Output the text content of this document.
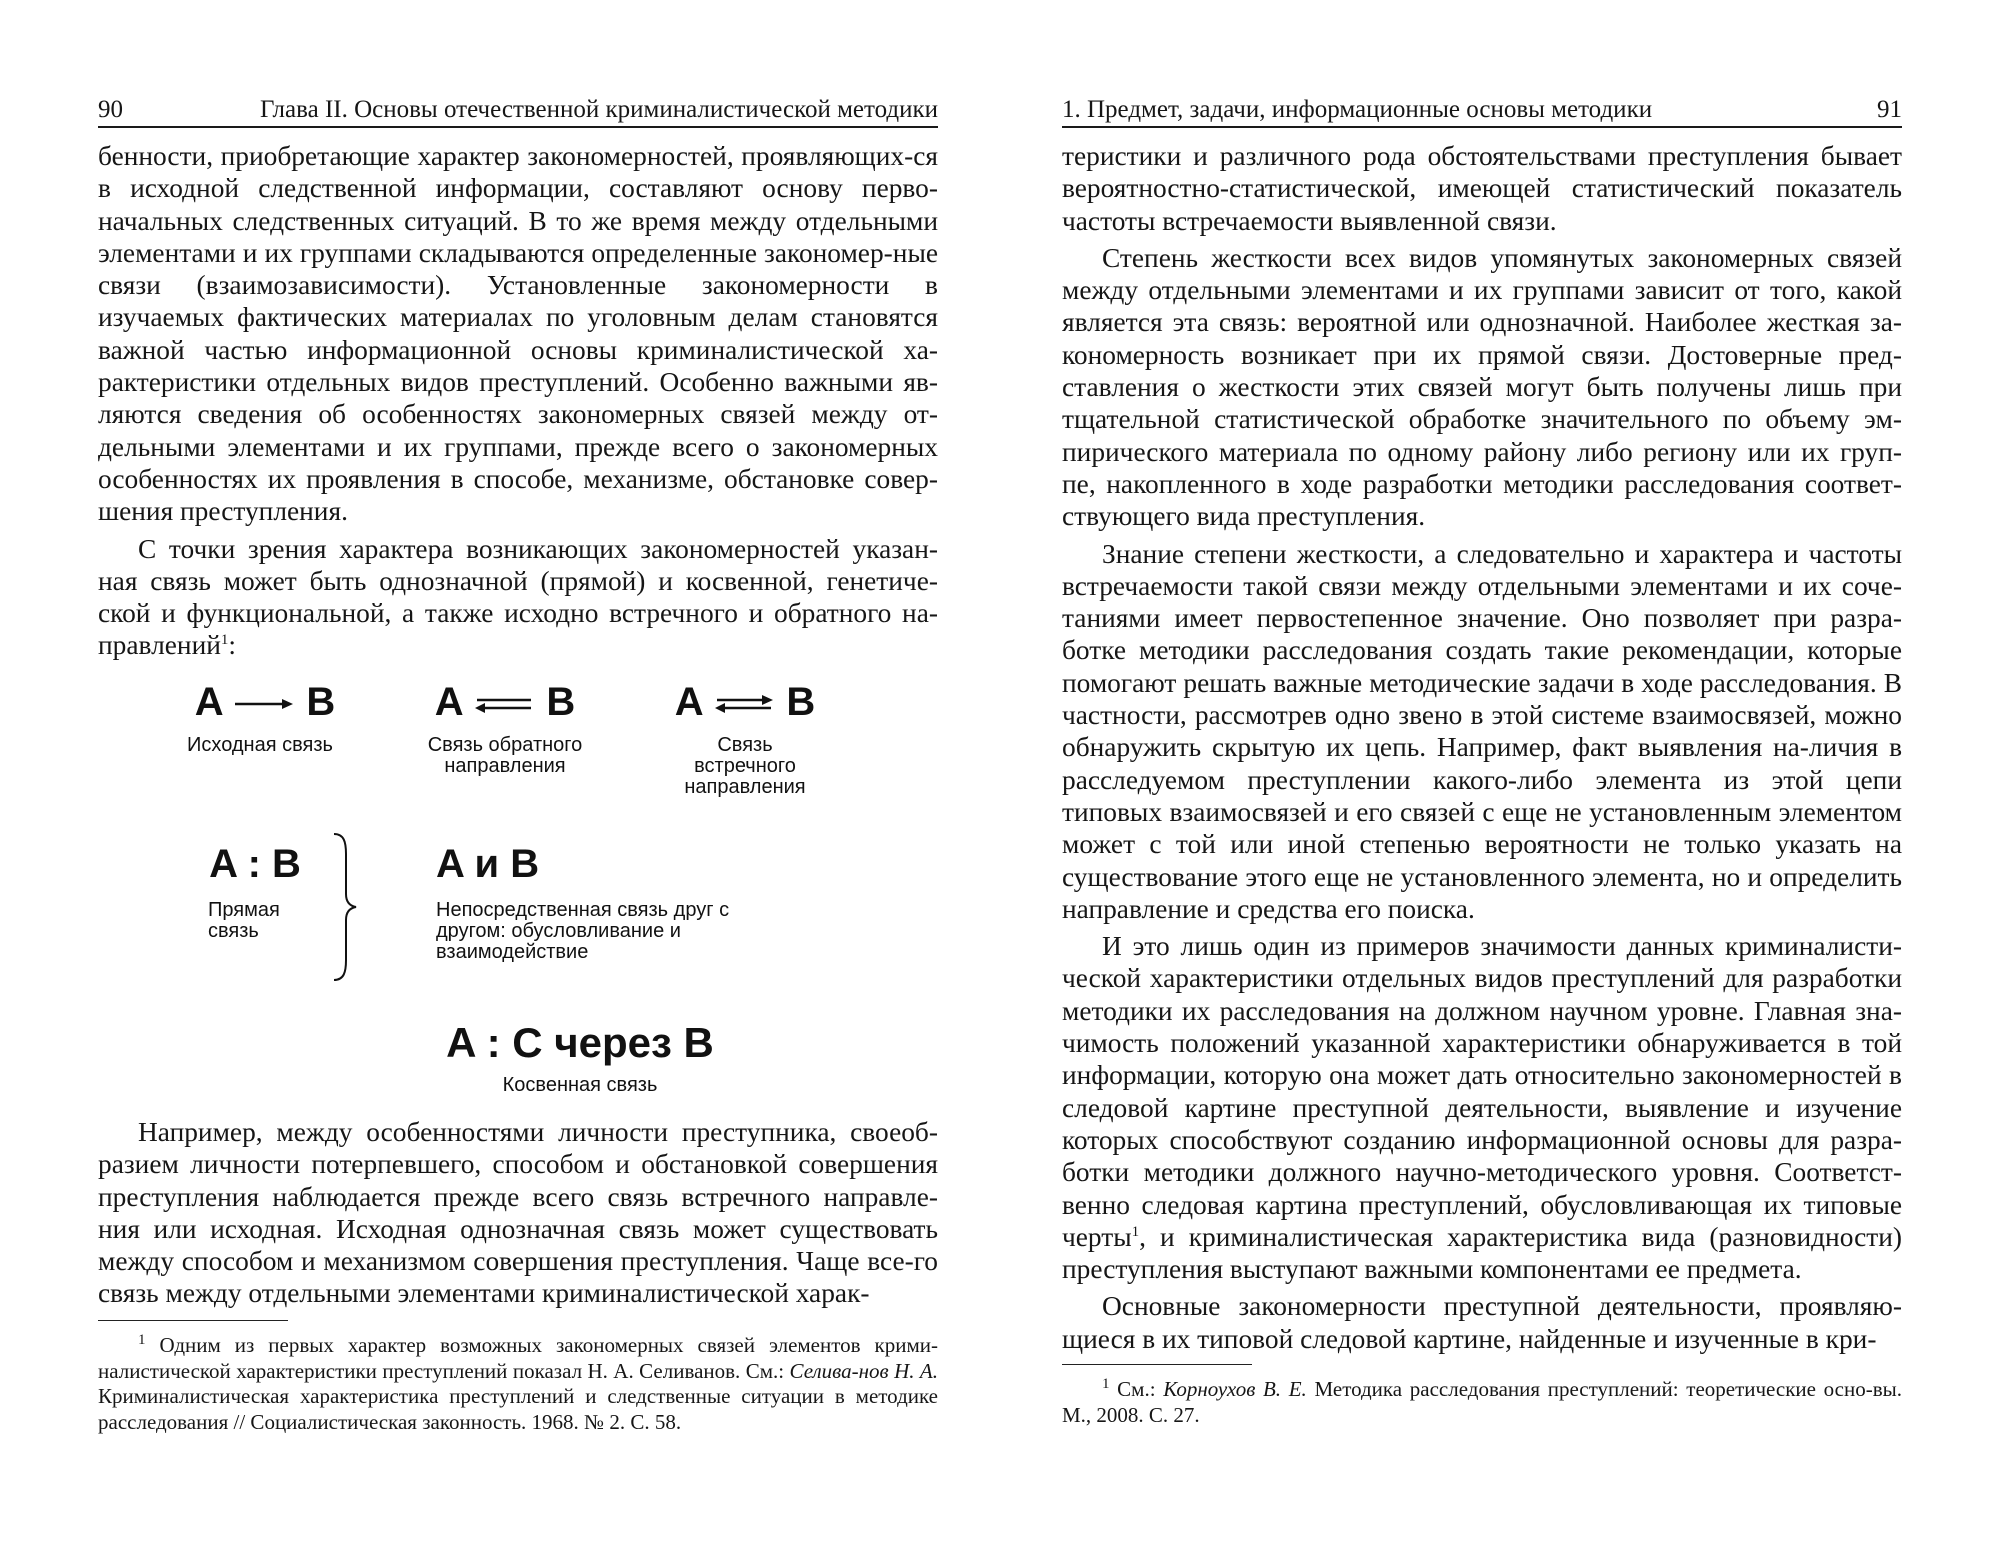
90	Глава II. Основы отечественной криминалистической методики

бенности, приобретающие характер закономерностей, проявляющих-ся в исходной следственной информации, составляют основу перво-начальных следственных ситуаций. В то же время между отдельными элементами и их группами складываются определенные закономер-ные связи (взаимозависимости). Установленные закономерности в изучаемых фактических материалах по уголовным делам становятся важной частью информационной основы криминалистической ха-рактеристики отдельных видов преступлений. Особенно важными яв-ляются сведения об особенностях закономерных связей между от-дельными элементами и их группами, прежде всего о закономерных особенностях их проявления в способе, механизме, обстановке совер-шения преступления.

С точки зрения характера возникающих закономерностей указан-ная связь может быть однозначной (прямой) и косвенной, генетиче-ской и функциональной, а также исходно встречного и обратного на-правлений$^1$:

A B
Исходная связь
A B
Связь обратного направления
A B
Связь встречного направления
A : B
Прямая связь
A и B
Непосредственная связь друг с другом: обусловливание и взаимодействие
A : C через B
Косвенная связь

Например, между особенностями личности преступника, своеоб-разием личности потерпевшего, способом и обстановкой совершения преступления наблюдается прежде всего связь встречного направле-ния или исходная. Исходная однозначная связь может существовать между способом и механизмом совершения преступления. Чаще все-го связь между отдельными элементами криминалистической харак-

$^1$ Одним из первых характер возможных закономерных связей элементов крими-налистической характеристики преступлений показал Н. А. Селиванов. См.: Селива-нов Н. А. Криминалистическая характеристика преступлений и следственные ситуации в методике расследования // Социалистическая законность. 1968. № 2. С. 58.

1. Предмет, задачи, информационные основы методики	91

теристики и различного рода обстоятельствами преступления бывает вероятностно-статистической, имеющей статистический показатель частоты встречаемости выявленной связи.

Степень жесткости всех видов упомянутых закономерных связей между отдельными элементами и их группами зависит от того, какой является эта связь: вероятной или однозначной. Наиболее жесткая за-кономерность возникает при их прямой связи. Достоверные пред-ставления о жесткости этих связей могут быть получены лишь при тщательной статистической обработке значительного по объему эм-пирического материала по одному району либо региону или их груп-пе, накопленного в ходе разработки методики расследования соответ-ствующего вида преступления.

Знание степени жесткости, а следовательно и характера и частоты встречаемости такой связи между отдельными элементами и их соче-таниями имеет первостепенное значение. Оно позволяет при разра-ботке методики расследования создать такие рекомендации, которые помогают решать важные методические задачи в ходе расследования. В частности, рассмотрев одно звено в этой системе взаимосвязей, можно обнаружить скрытую их цепь. Например, факт выявления на-личия в расследуемом преступлении какого-либо элемента из этой цепи типовых взаимосвязей и его связей с еще не установленным элементом может с той или иной степенью вероятности не только указать на существование этого еще не установленного элемента, но и определить направление и средства его поиска.

И это лишь один из примеров значимости данных криминалисти-ческой характеристики отдельных видов преступлений для разработки методики их расследования на должном научном уровне. Главная зна-чимость положений указанной характеристики обнаруживается в той информации, которую она может дать относительно закономерностей в следовой картине преступной деятельности, выявление и изучение которых способствуют созданию информационной основы для разра-ботки методики должного научно-методического уровня. Соответст-венно следовая картина преступлений, обусловливающая их типовые черты$^1$, и криминалистическая характеристика вида (разновидности) преступления выступают важными компонентами ее предмета.

Основные закономерности преступной деятельности, проявляю-щиеся в их типовой следовой картине, найденные и изученные в кри-

$^1$ См.: Корноухов В. Е. Методика расследования преступлений: теоретические осно-вы. М., 2008. С. 27.
